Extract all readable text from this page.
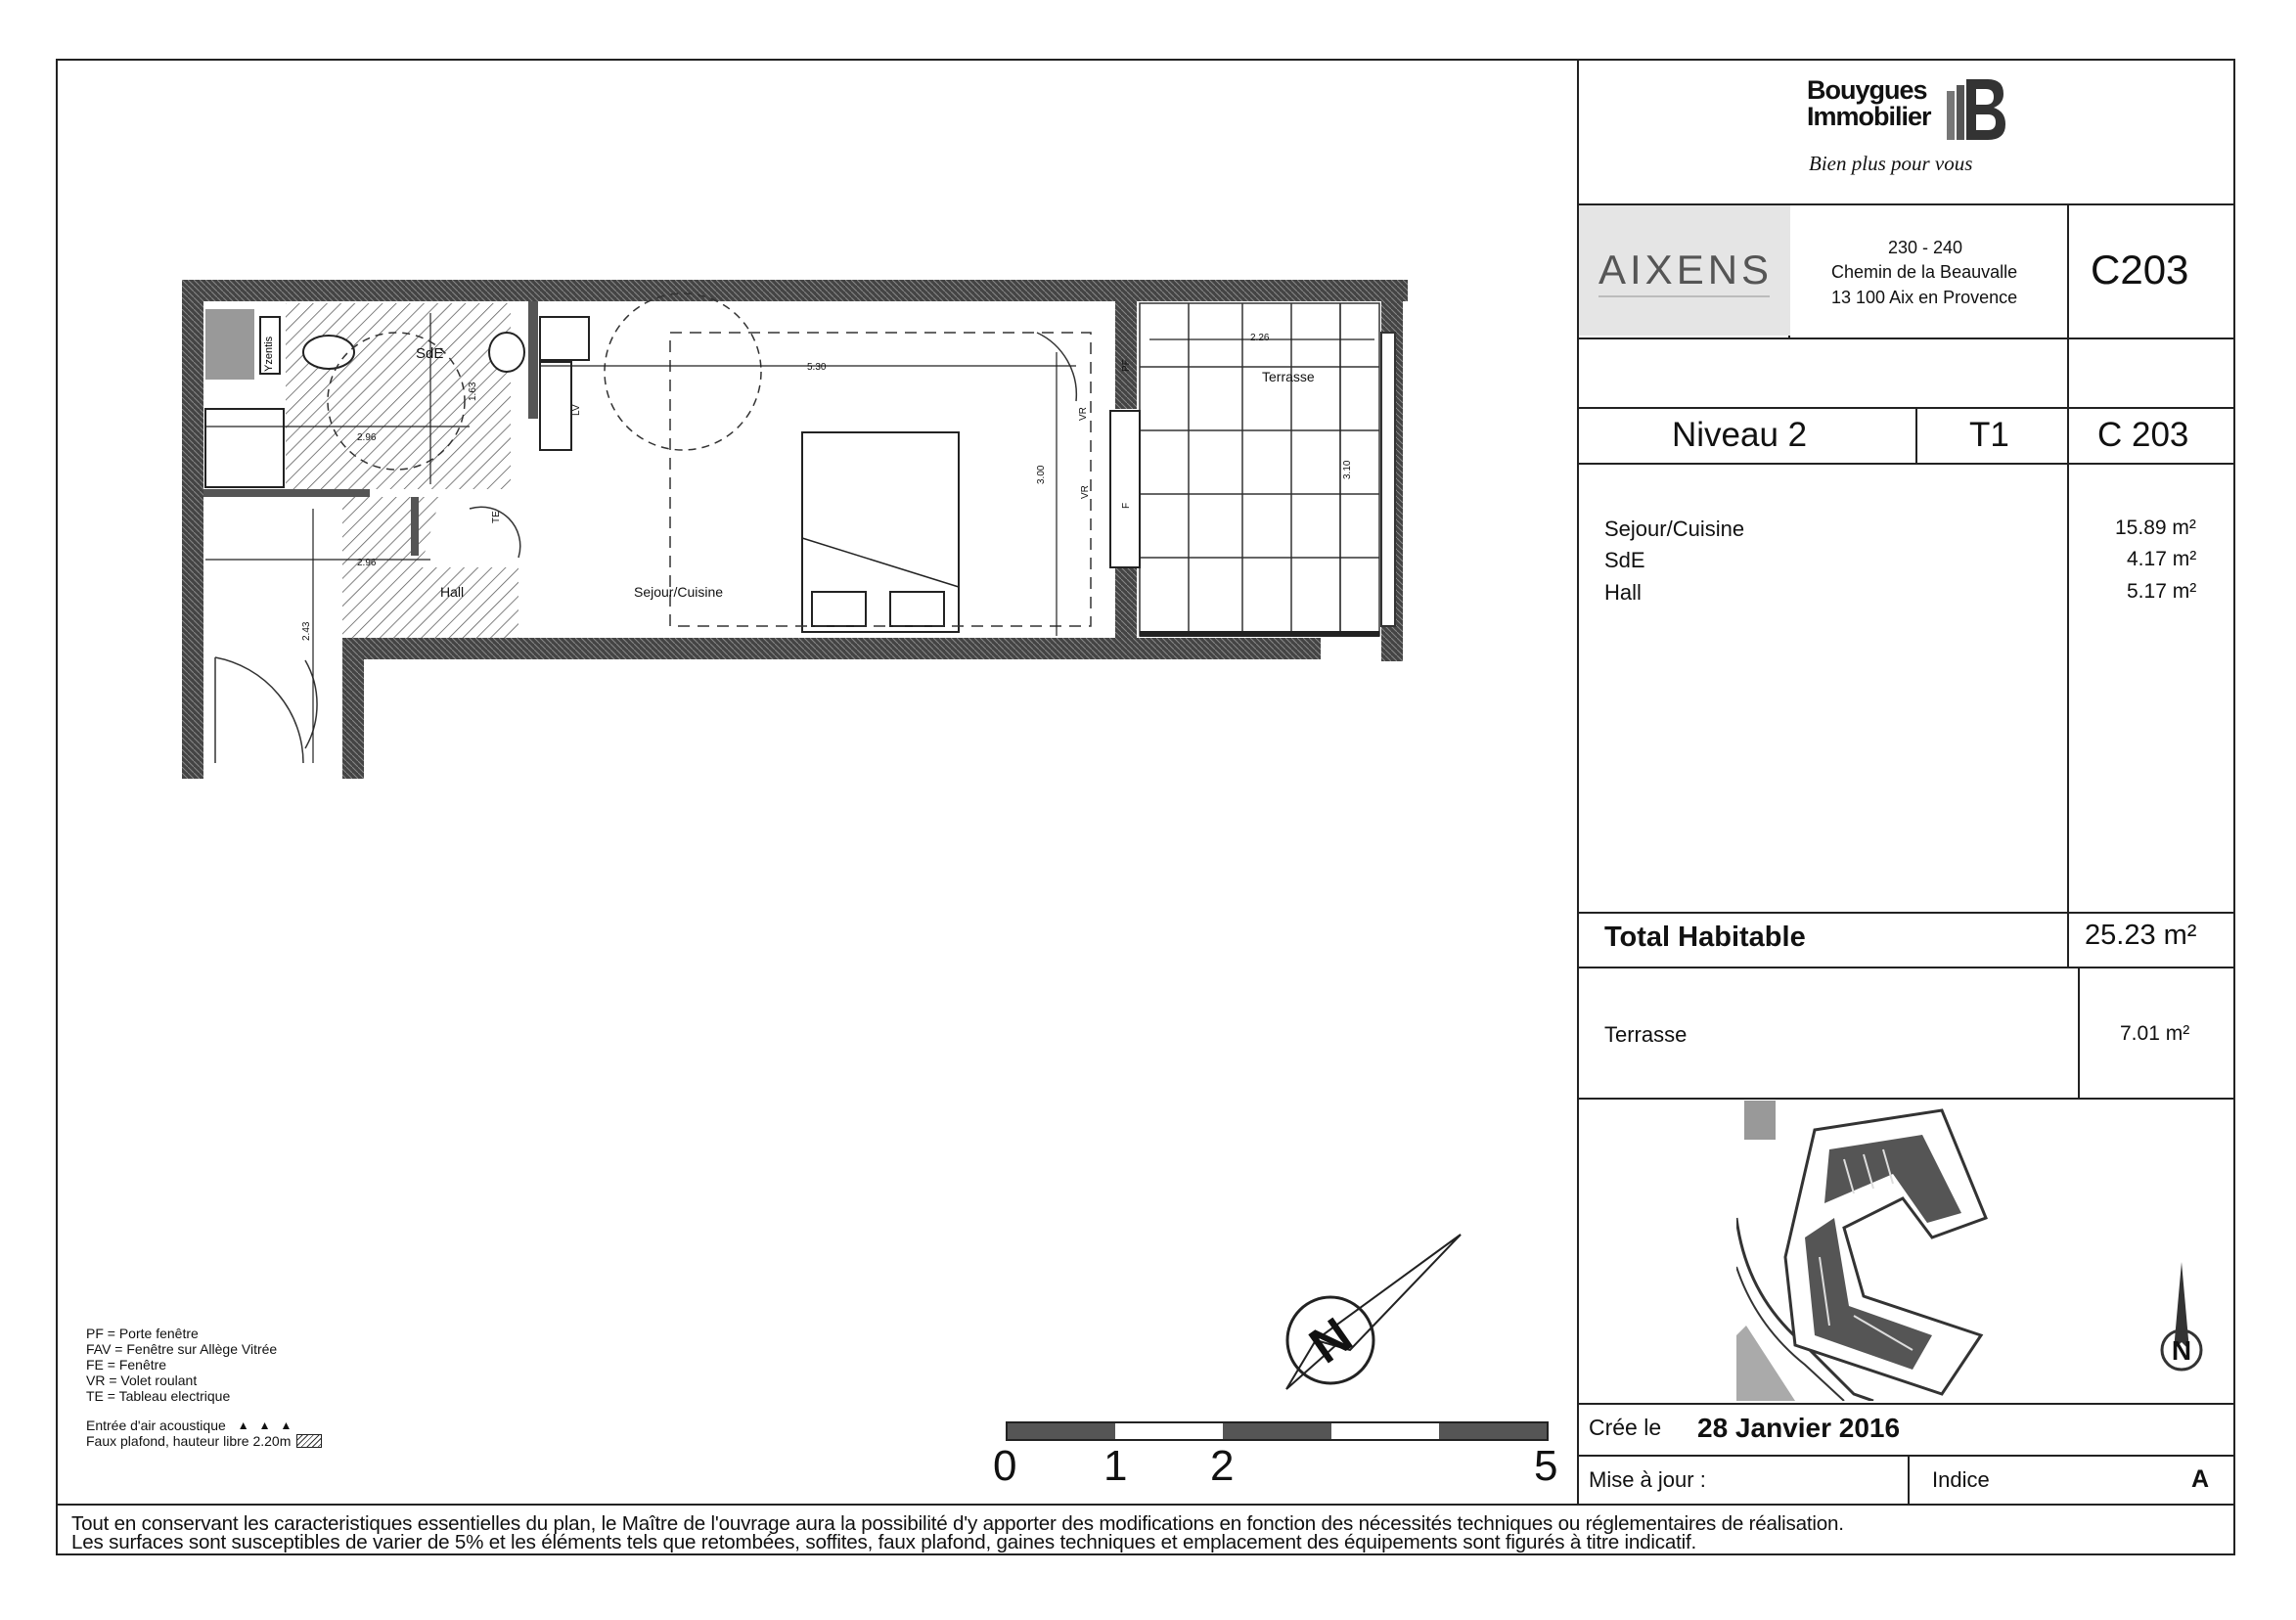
Bouygues
Immobilier
Bien plus pour vous
AIXENS	230 - 240
Chemin de la Beauvalle
13 100 Aix en Provence
C203
Niveau 2	T1	C 203
Sejour/Cuisine	15.89 m²
SdE	4.17 m²
Hall	5.17 m²
Total Habitable	25.23 m²
Terrasse	7.01 m²
N
Crée le 28 Janvier 2016
Mise à jour :	Indice	A
Yzentis	SdE
Hall	Sejour/Cuisine
Terrasse
5.30
2.26
3.00	3.10
1.63
2.96
2.96
2.43
PF
VR
VR
F
TE
LV
N
PF = Porte fenêtre
FAV = Fenêtre sur Allège Vitrée
FE = Fenêtre
VR = Volet roulant
TE = Tableau electrique
Entrée d'air acoustique ▲▲▲
Faux plafond, hauteur libre 2.20m
0 1 2	5
Tout en conservant les caracteristiques essentielles du plan, le Maître de l'ouvrage aura la possibilité d'y apporter des modifications en fonction des nécessités techniques ou réglementaires de réalisation.
Les surfaces sont susceptibles de varier de 5% et les éléments tels que retombées, soffites, faux plafond, gaines techniques et emplacement des équipements sont figurés à titre indicatif.
